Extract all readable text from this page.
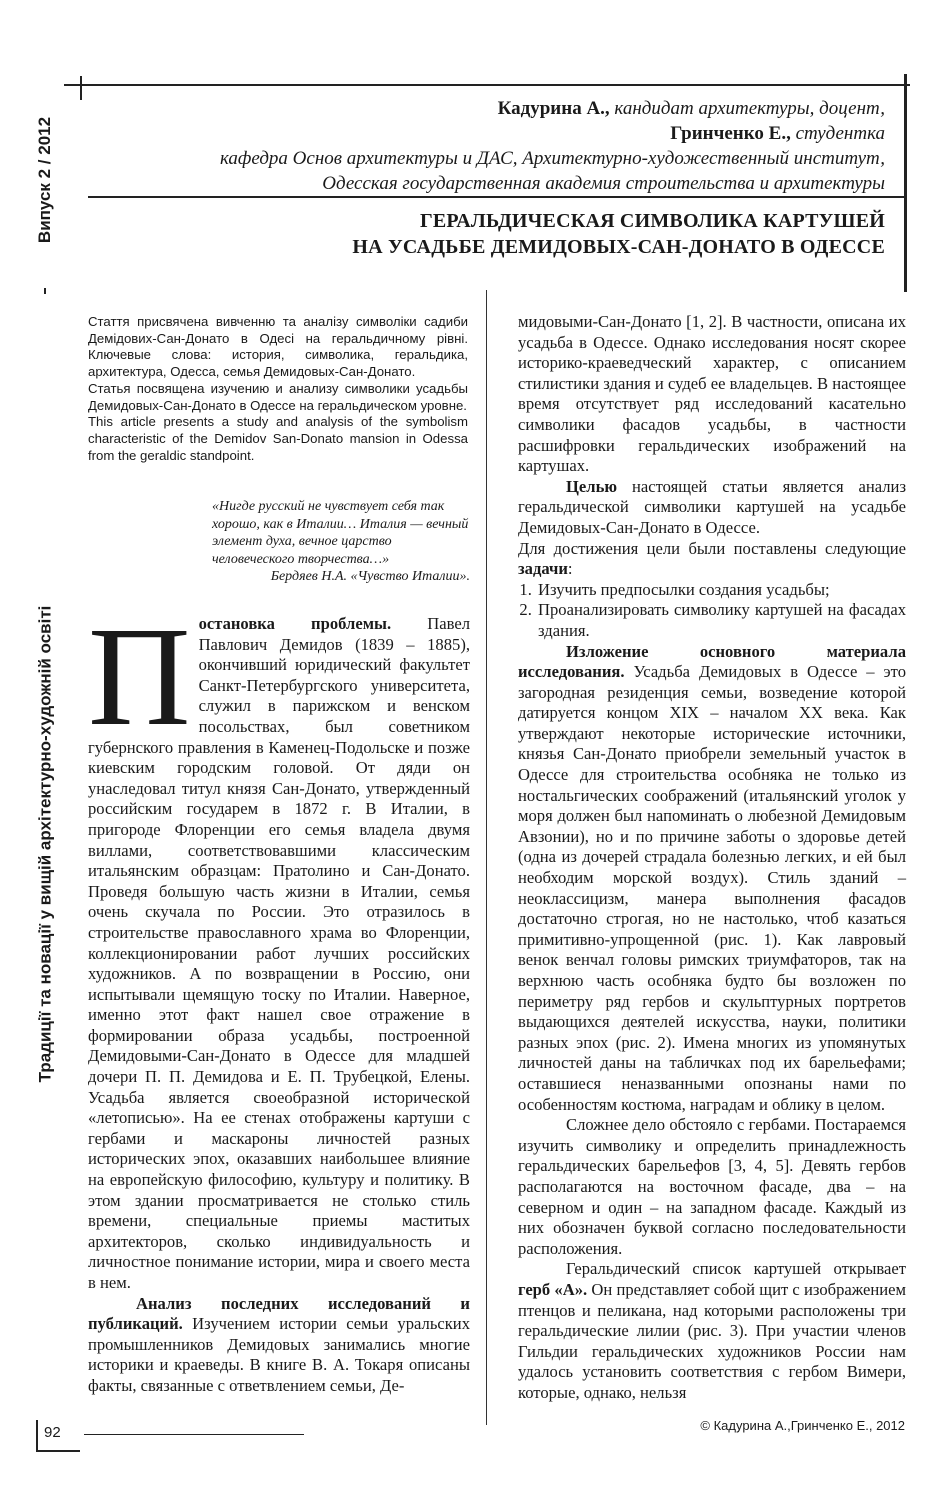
Випуск 2 / 2012
Традиції та новації у вищій архітектурно-художній освіті
Кадурина А., кандидат архитектуры, доцент,
Гринченко Е., студентка
кафедра Основ архитектуры и ДАС, Архитектурно-художественный институт,
Одесская государственная академия строительства и архитектуры
ГЕРАЛЬДИЧЕСКАЯ СИМВОЛИКА КАРТУШЕЙ
НА УСАДЬБЕ ДЕМИДОВЫХ-САН-ДОНАТО В ОДЕССЕ

Стаття присвячена вивченню та аналізу символіки садиби Демідових-Сан-Донато в Одесі на геральдичному рівні. Ключевые слова: история, символика, геральдика, архитектура, Одесса, семья Демидовых-Сан-Донато.

Статья посвящена изучению и анализу символики усадьбы Демидовых-Сан-Донато в Одессе на геральдическом уровне.

This article presents a study and analysis of the symbolism characteristic of the Demidov San-Donato mansion in Odessa from the geraldic standpoint.

«Нигде русский не чувствует себя так хорошо, как в Италии… Италия — вечный элемент духа, вечное царство человеческого творчества…»

Бердяев Н.А. «Чувство Италии».

Постановка проблемы. Павел Павлович Демидов (1839 – 1885), окончивший юридический факультет Санкт-Петербургского университета, служил в парижском и венском посольствах, был советником губернского правления в Каменец-Подольске и позже киевским городским головой. От дяди он унаследовал титул князя Сан-Донато, утвержденный российским государем в 1872 г. В Италии, в пригороде Флоренции его семья владела двумя виллами, соответствовавшими классическим итальянским образцам: Пратолино и Сан-Донато. Проведя большую часть жизни в Италии, семья очень скучала по России. Это отразилось в строительстве православного храма во Флоренции, коллекционировании работ лучших российских художников. А по возвращении в Россию, они испытывали щемящую тоску по Италии. Наверное, именно этот факт нашел свое отражение в формировании образа усадьбы, построенной Демидовыми-Сан-Донато в Одессе для младшей дочери П. П. Демидова и Е. П. Трубецкой, Елены. Усадьба является своеобразной исторической «летописью». На ее стенах отображены картуши с гербами и маскароны личностей разных исторических эпох, оказавших наибольшее влияние на европейскую философию, культуру и политику. В этом здании просматривается не столько стиль времени, специальные приемы маститых архитекторов, сколько индивидуальность и личностное понимание истории, мира и своего места в нем.

Анализ последних исследований и публикаций. Изучением истории семьи уральских промышленников Демидовых занимались многие историки и краеведы. В книге В. А. Токаря описаны факты, связанные с ответвлением семьи, Де-

мидовыми-Сан-Донато [1, 2]. В частности, описана их усадьба в Одессе. Однако исследования носят скорее историко-краеведческий характер, с описанием стилистики здания и судеб ее владельцев. В настоящее время отсутствует ряд исследований касательно символики фасадов усадьбы, в частности расшифровки геральдических изображений на картушах.

Целью настоящей статьи является анализ геральдической символики картушей на усадьбе Демидовых-Сан-Донато в Одессе.

Для достижения цели были поставлены следующие задачи:

1. Изучить предпосылки создания усадьбы;
2. Проанализировать символику картушей на фасадах здания.

Изложение основного материала исследования. Усадьба Демидовых в Одессе – это загородная резиденция семьи, возведение которой датируется концом XIX – началом XX века. Как утверждают некоторые исторические источники, князья Сан-Донато приобрели земельный участок в Одессе для строительства особняка не только из ностальгических соображений (итальянский уголок у моря должен был напоминать о любезной Демидовым Авзонии), но и по причине заботы о здоровье детей (одна из дочерей страдала болезнью легких, и ей был необходим морской воздух). Стиль зданий – неоклассицизм, манера выполнения фасадов достаточно строгая, но не настолько, чтоб казаться примитивно-упрощенной (рис. 1). Как лавровый венок венчал головы римских триумфаторов, так на верхнюю часть особняка будто бы возложен по периметру ряд гербов и скульптурных портретов выдающихся деятелей искусства, науки, политики разных эпох (рис. 2). Имена многих из упомянутых личностей даны на табличках под их барельефами; оставшиеся неназванными опознаны нами по особенностям костюма, наградам и облику в целом.

Сложнее дело обстояло с гербами. Постараемся изучить символику и определить принадлежность геральдических барельефов [3, 4, 5]. Девять гербов располагаются на восточном фасаде, два – на северном и один – на западном фасаде. Каждый из них обозначен буквой согласно последовательности расположения.

Геральдический список картушей открывает герб «А». Он представляет собой щит с изображением птенцов и пеликана, над которыми расположены три геральдические лилии (рис. 3). При участии членов Гильдии геральдических художников России нам удалось установить соответствия с гербом Вимери, которые, однако, нельзя

92	© Кадурина А.,Гринченко Е., 2012
